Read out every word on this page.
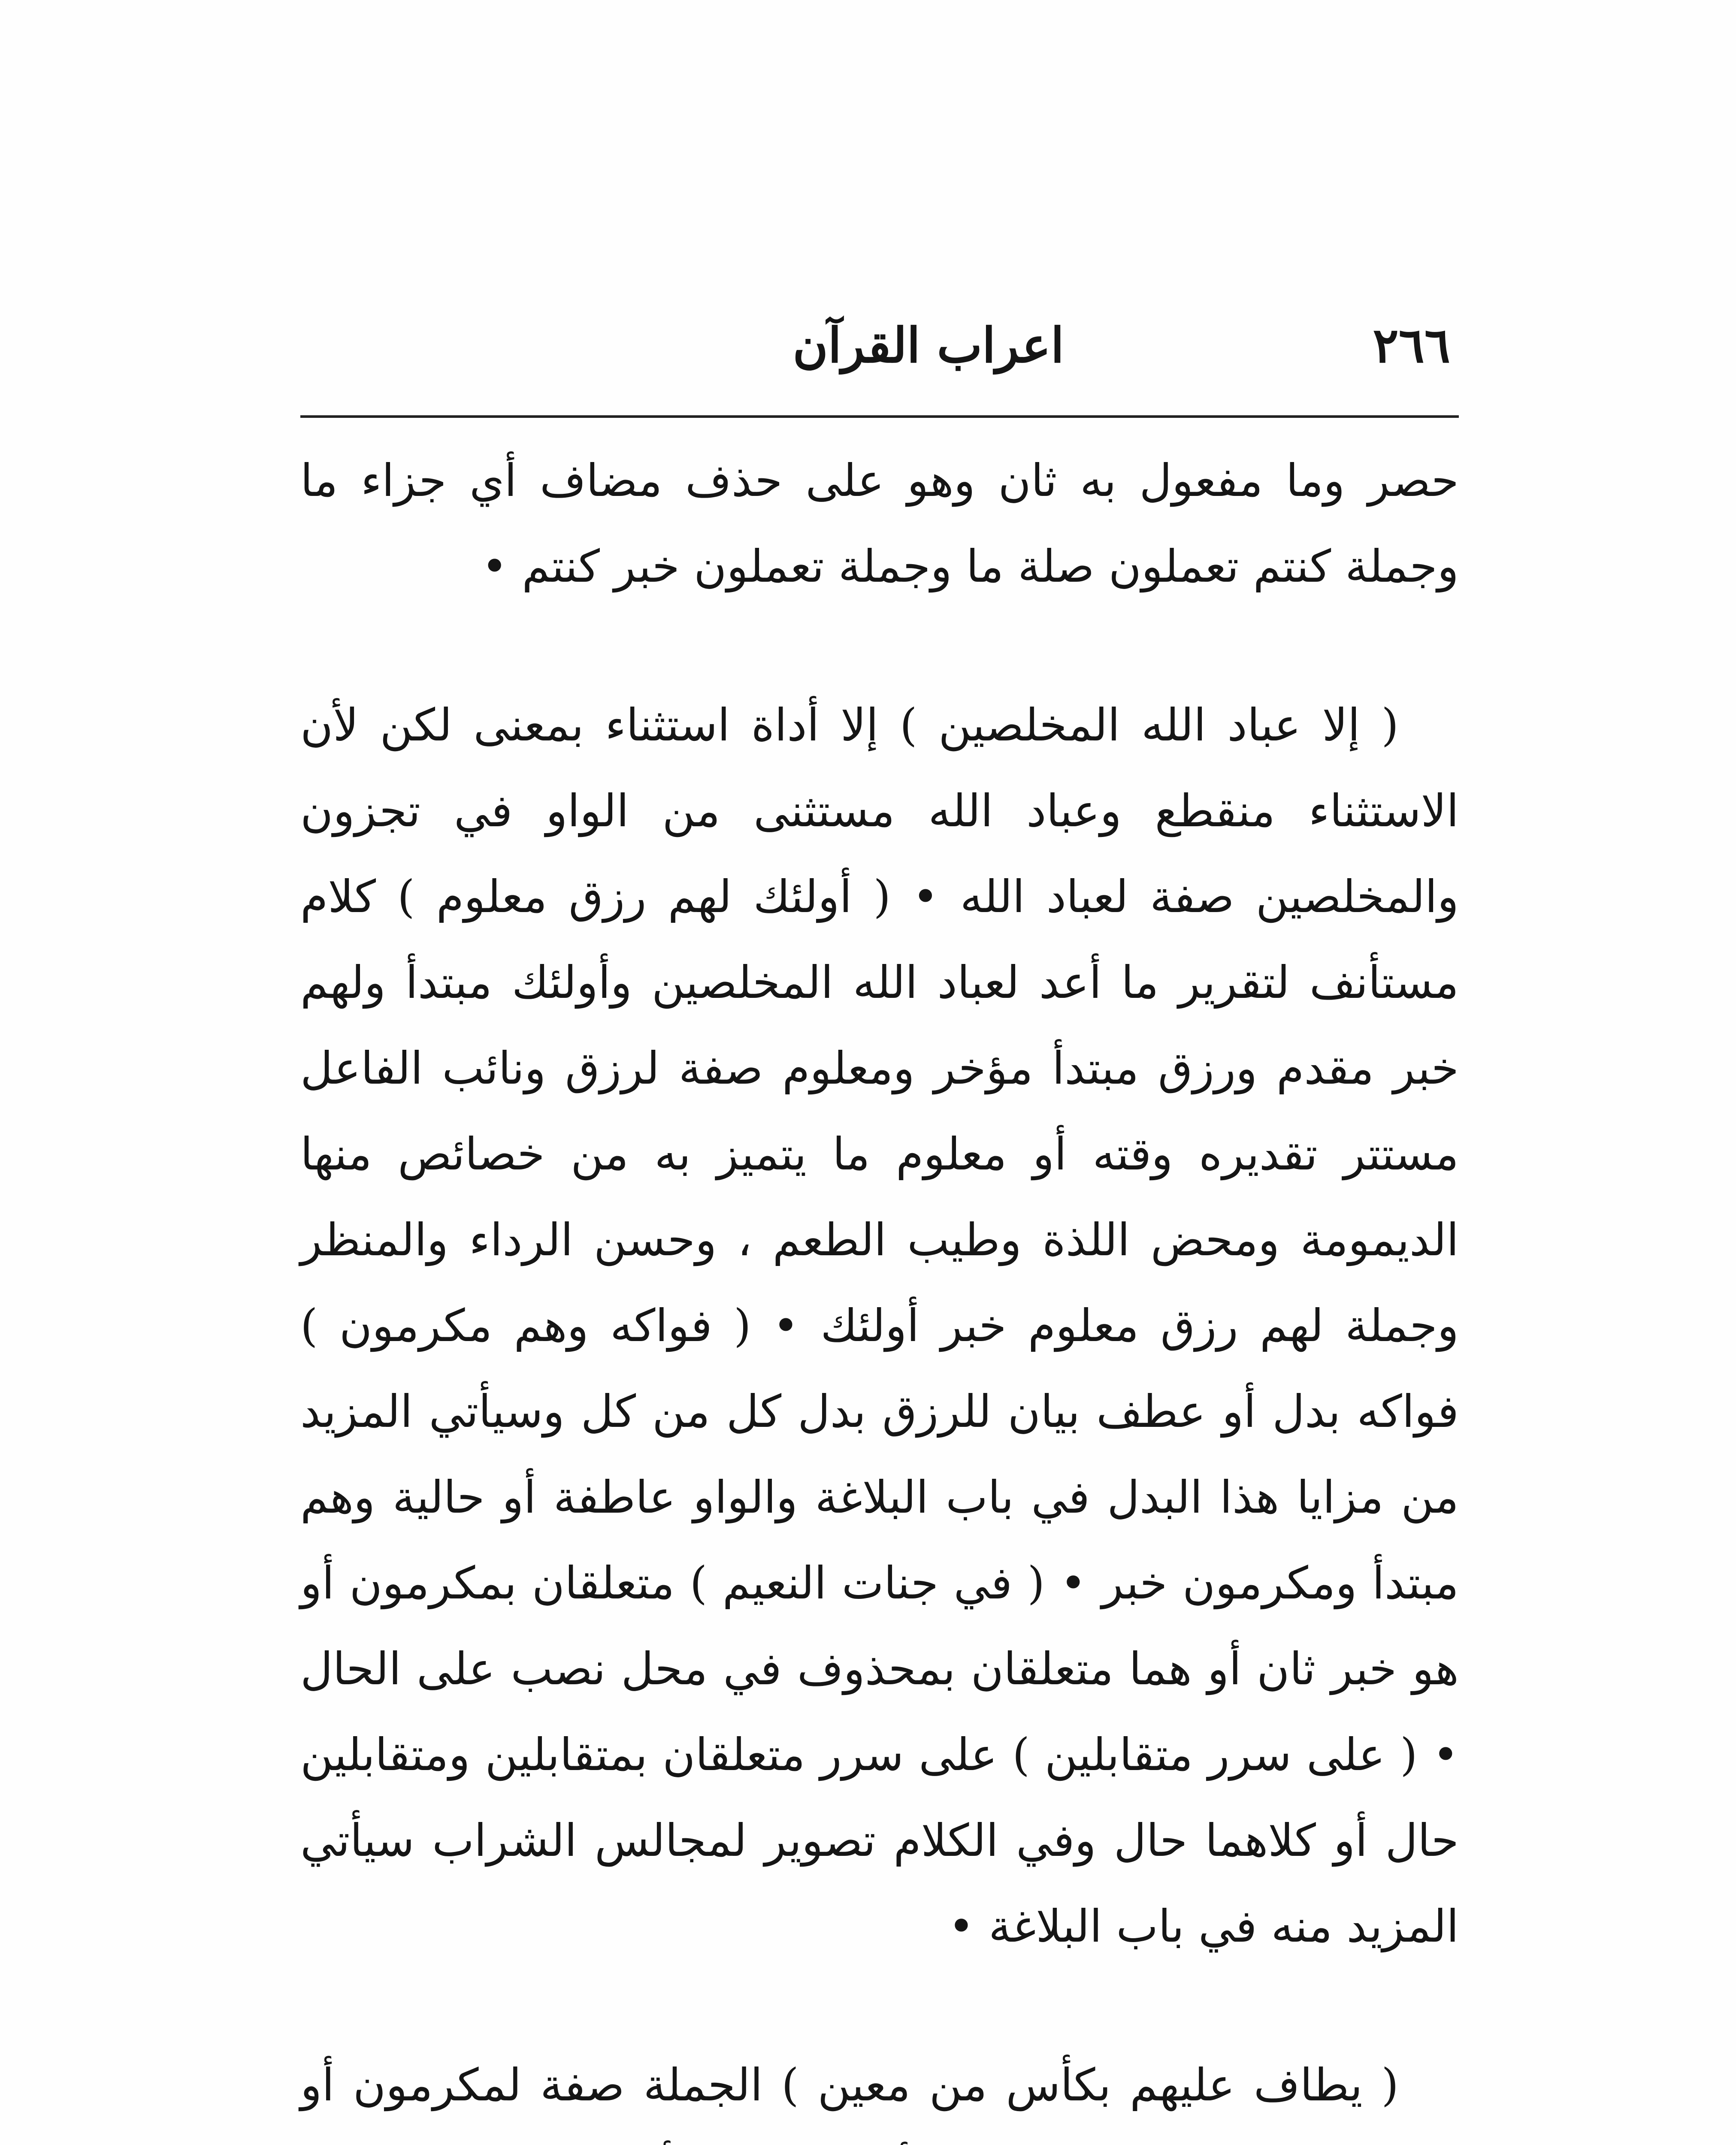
٢٦٦
اعراب القرآن

حصر وما مفعول به ثان وهو على حذف مضاف أي جزاء ما وجملة كنتم تعملون صلة ما وجملة تعملون خبر كنتم •

( إلا عباد الله المخلصين ) إلا أداة استثناء بمعنى لكن لأن الاستثناء منقطع وعباد الله مستثنى من الواو في تجزون والمخلصين صفة لعباد الله • ( أولئك لهم رزق معلوم ) كلام مستأنف لتقرير ما أعد لعباد الله المخلصين وأولئك مبتدأ ولهم خبر مقدم ورزق مبتدأ مؤخر ومعلوم صفة لرزق ونائب الفاعل مستتر تقديره وقته أو معلوم ما يتميز به من خصائص منها الديمومة ومحض اللذة وطيب الطعم ، وحسن الرداء والمنظر وجملة لهم رزق معلوم خبر أولئك • ( فواكه وهم مكرمون ) فواكه بدل أو عطف بيان للرزق بدل كل من كل وسيأتي المزيد من مزايا هذا البدل في باب البلاغة والواو عاطفة أو حالية وهم مبتدأ ومكرمون خبر • ( في جنات النعيم ) متعلقان بمكرمون أو هو خبر ثان أو هما متعلقان بمحذوف في محل نصب على الحال • ( على سرر متقابلين ) على سرر متعلقان بمتقابلين ومتقابلين حال أو كلاهما حال وفي الكلام تصوير لمجالس الشراب سيأتي المزيد منه في باب البلاغة •

( يطاف عليهم بكأس من معين ) الجملة صفة لمكرمون أو
